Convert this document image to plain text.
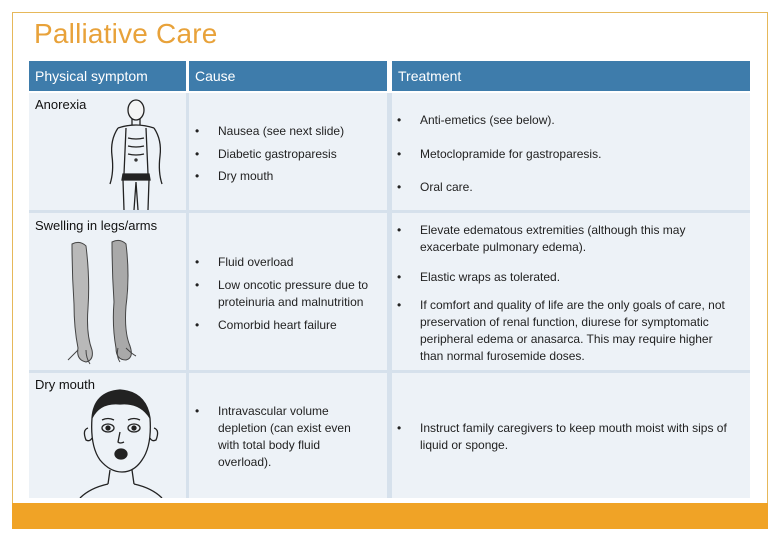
Palliative Care
Physical symptom	Cause	Treatment
Anorexia
Swelling in legs/arms
Dry mouth
• Nausea (see next slide)
• Diabetic gastroparesis
• Dry mouth
• Anti-emetics (see below).
• Metoclopramide for gastroparesis.
• Oral care.
• Fluid overload
• Low oncotic pressure due to proteinuria and malnutrition
• Comorbid heart failure
• Elevate edematous extremities (although this may exacerbate pulmonary edema).
• Elastic wraps as tolerated.
• If comfort and quality of life are the only goals of care, not preservation of renal function, diurese for symptomatic peripheral edema or anasarca. This may require higher than normal furosemide doses.
• Intravascular volume depletion (can exist even with total body fluid overload).
• Instruct family caregivers to keep mouth moist with sips of liquid or sponge.
